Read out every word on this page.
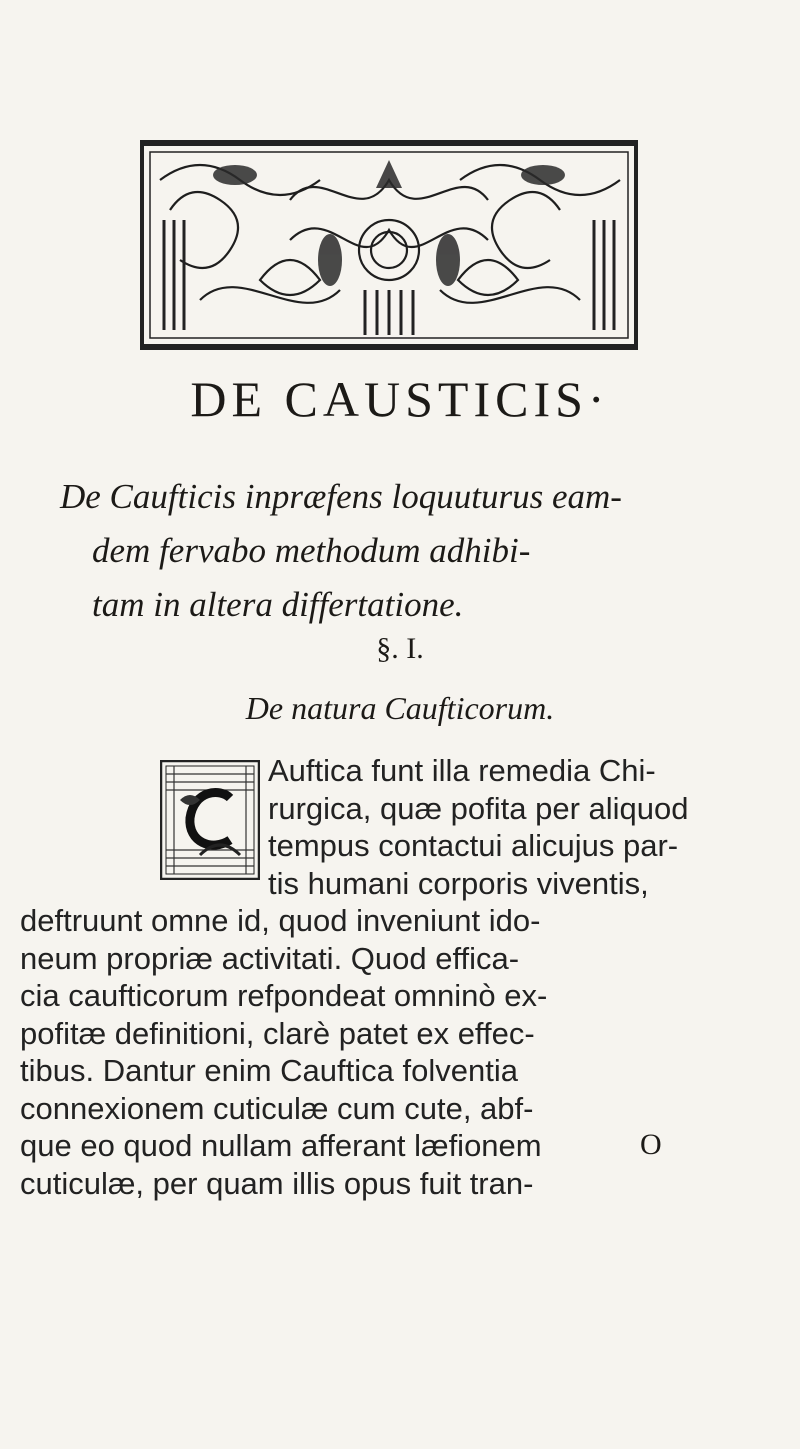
DE CAUSTICIS·
De Caufticis inpræfens loquuturus eam-
dem fervabo methodum adhibi-
tam in altera differtatione.
§. I.
De natura Caufticorum.
Auftica funt illa remedia Chi-
rurgica, quæ pofita per aliquod
tempus contactui alicujus par-
tis humani corporis viventis,
deftruunt omne id, quod inveniunt ido-
neum propriæ activitati. Quod effica-
cia caufticorum refpondeat omninò ex-
pofitæ definitioni, clarè patet ex effec-
tibus. Dantur enim Cauftica folventia
connexionem cuticulæ cum cute, abf-
que eo quod nullam afferant læfionem
cuticulæ, per quam illis opus fuit tran-
O
